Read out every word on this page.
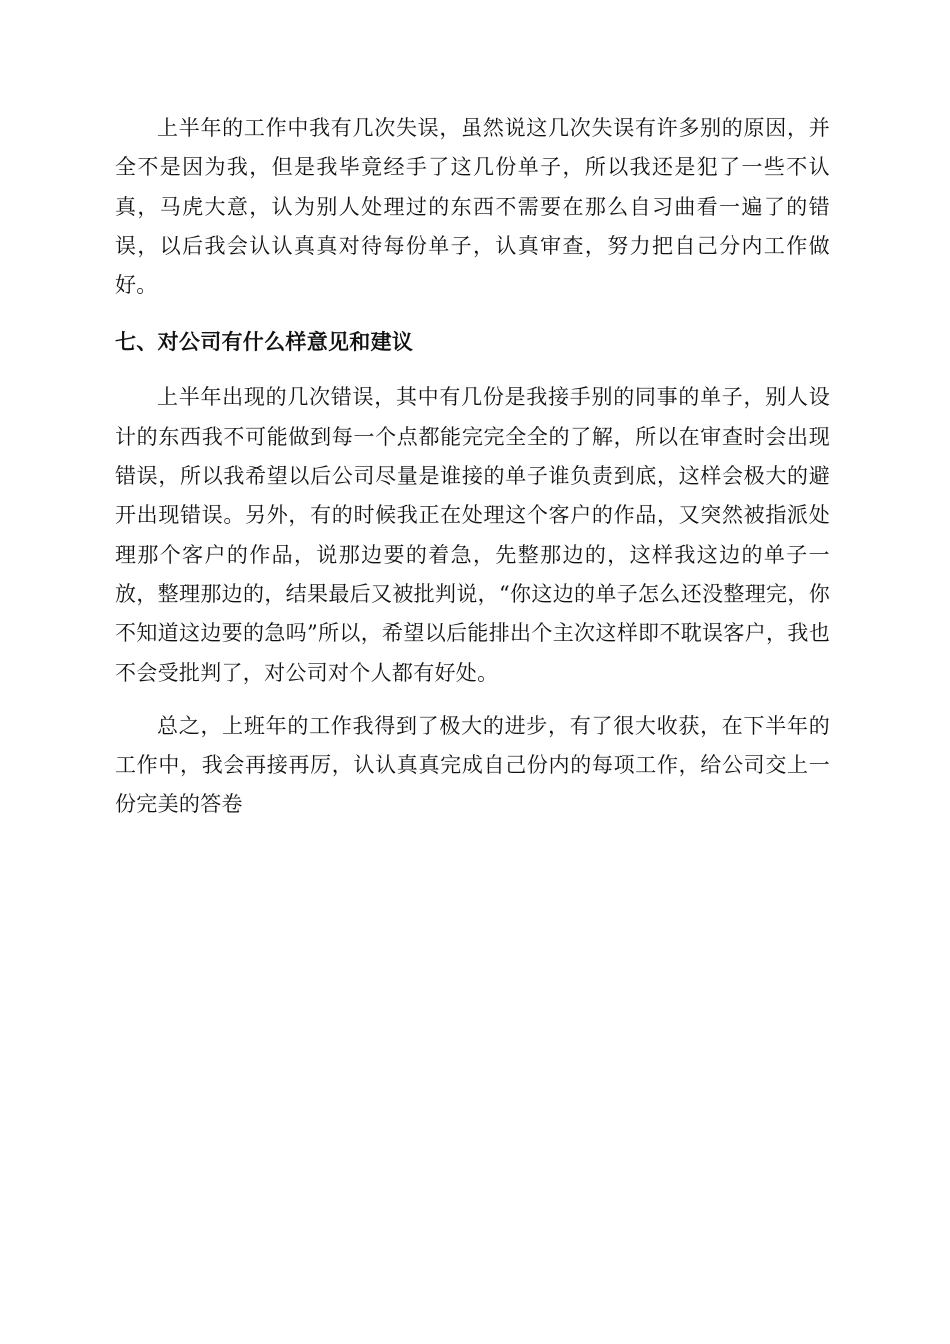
上半年的工作中我有几次失误，虽然说这几次失误有许多别的原因，并全不是因为我，但是我毕竟经手了这几份单子，所以我还是犯了一些不认真，马虎大意，认为别人处理过的东西不需要在那么自习曲看一遍了的错误，以后我会认认真真对待每份单子，认真审查，努力把自己分内工作做好。

七、对公司有什么样意见和建议

上半年出现的几次错误，其中有几份是我接手别的同事的单子，别人设计的东西我不可能做到每一个点都能完完全全的了解，所以在审查时会出现错误，所以我希望以后公司尽量是谁接的单子谁负责到底，这样会极大的避开出现错误。另外，有的时候我正在处理这个客户的作品，又突然被指派处理那个客户的作品，说那边要的着急，先整那边的，这样我这边的单子一放，整理那边的，结果最后又被批判说，“你这边的单子怎么还没整理完，你不知道这边要的急吗”所以，希望以后能排出个主次这样即不耽误客户，我也不会受批判了，对公司对个人都有好处。

总之，上班年的工作我得到了极大的进步，有了很大收获，在下半年的工作中，我会再接再厉，认认真真完成自己份内的每项工作，给公司交上一份完美的答卷
